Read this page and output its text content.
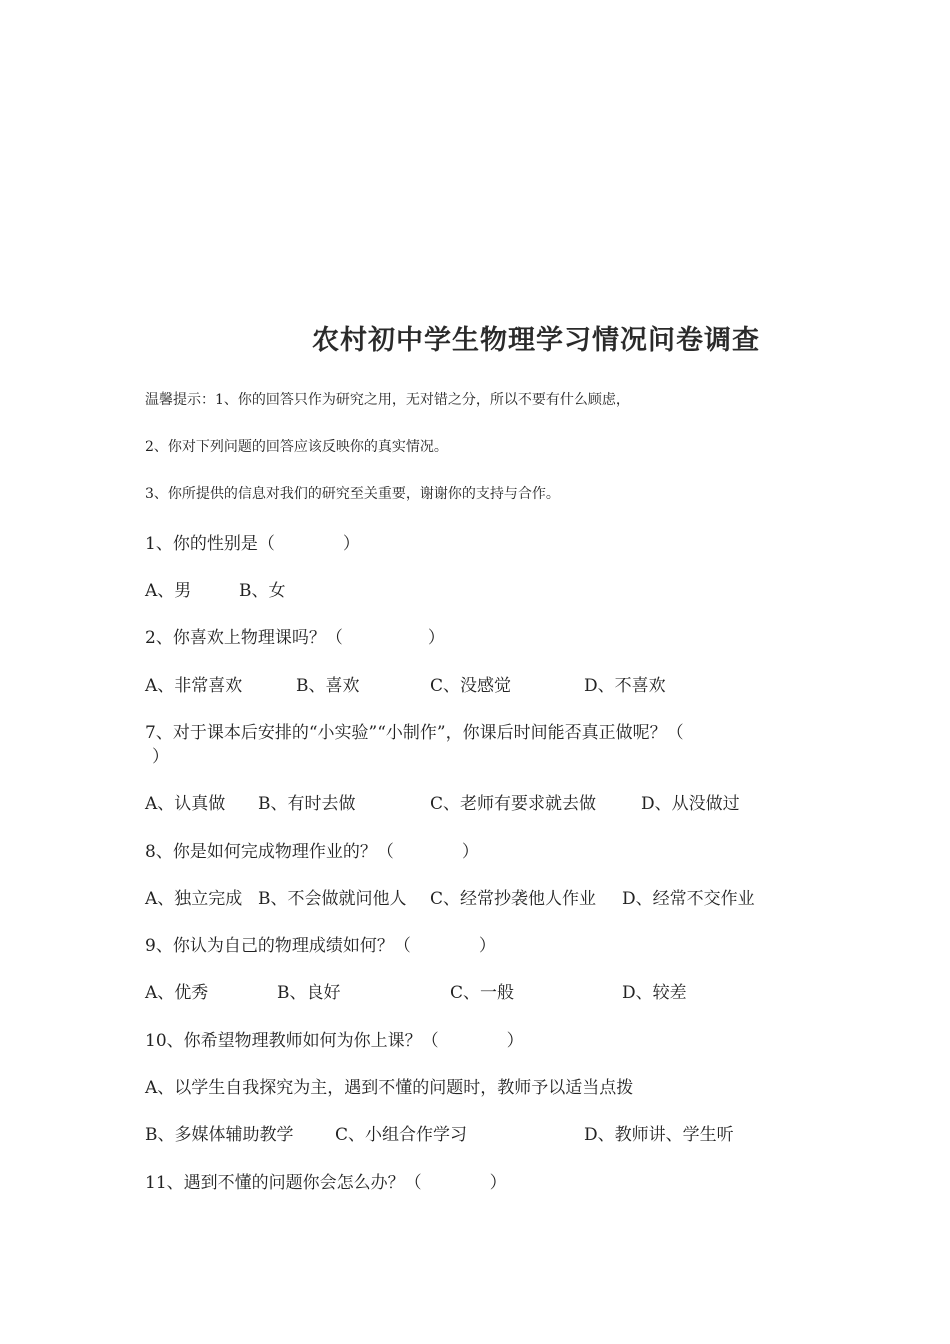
农村初中学生物理学习情况问卷调查
温馨提示：1、你的回答只作为研究之用，无对错之分，所以不要有什么顾虑，
2、你对下列问题的回答应该反映你的真实情况。
3、你所提供的信息对我们的研究至关重要，谢谢你的支持与合作。
1、你的性别是（　　　　）
A、男	B、女
2、你喜欢上物理课吗？（　　　　　）
A、非常喜欢	B、喜欢	C、没感觉	D、不喜欢
7、对于课本后安排的“小实验”“小制作”，你课后时间能否真正做呢？（
）
A、认真做 B、有时去做	C、老师有要求就去做	D、从没做过
8、你是如何完成物理作业的？（　　　　）
A、独立完成 B、不会做就问他人 C、经常抄袭他人作业 D、经常不交作业
9、你认为自己的物理成绩如何？（　　　　）
A、优秀	B、良好	C、一般	D、较差
10、你希望物理教师如何为你上课？（　　　　）
A、以学生自我探究为主，遇到不懂的问题时，教师予以适当点拨
B、多媒体辅助教学 C、小组合作学习	D、教师讲、学生听
11、遇到不懂的问题你会怎么办？（　　　　）
